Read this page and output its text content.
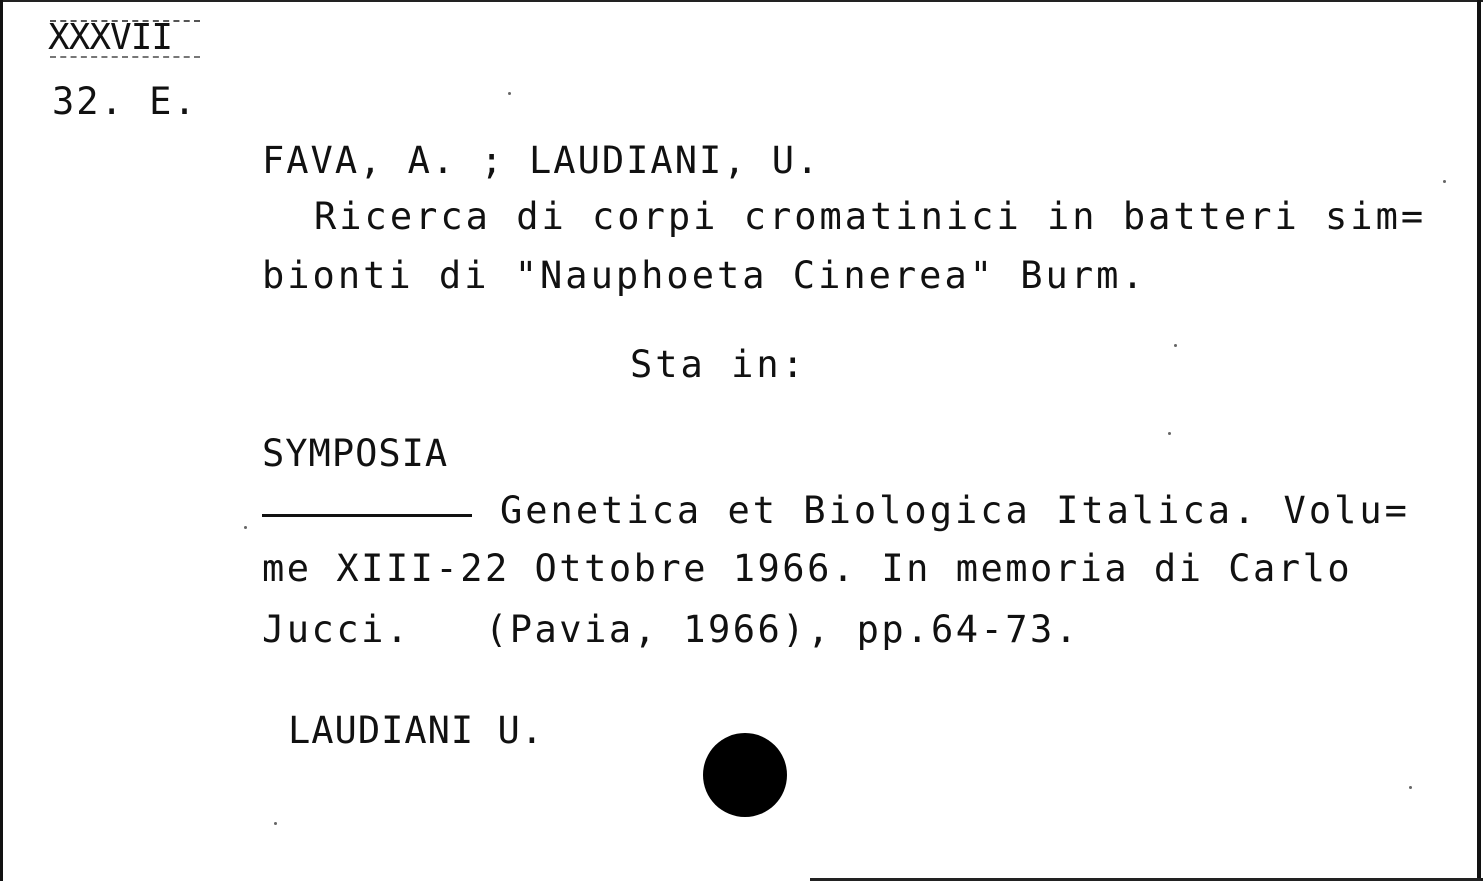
XXXVII
32. E.
FAVA, A. ; LAUDIANI, U.
Ricerca di corpi cromatinici in batteri sim=
bionti di "Nauphoeta Cinerea" Burm.
Sta in:
SYMPOSIA
Genetica et Biologica Italica. Volu=
me XIII-22 Ottobre 1966. In memoria di Carlo
Jucci.   (Pavia, 1966), pp.64-73.
LAUDIANI U.
